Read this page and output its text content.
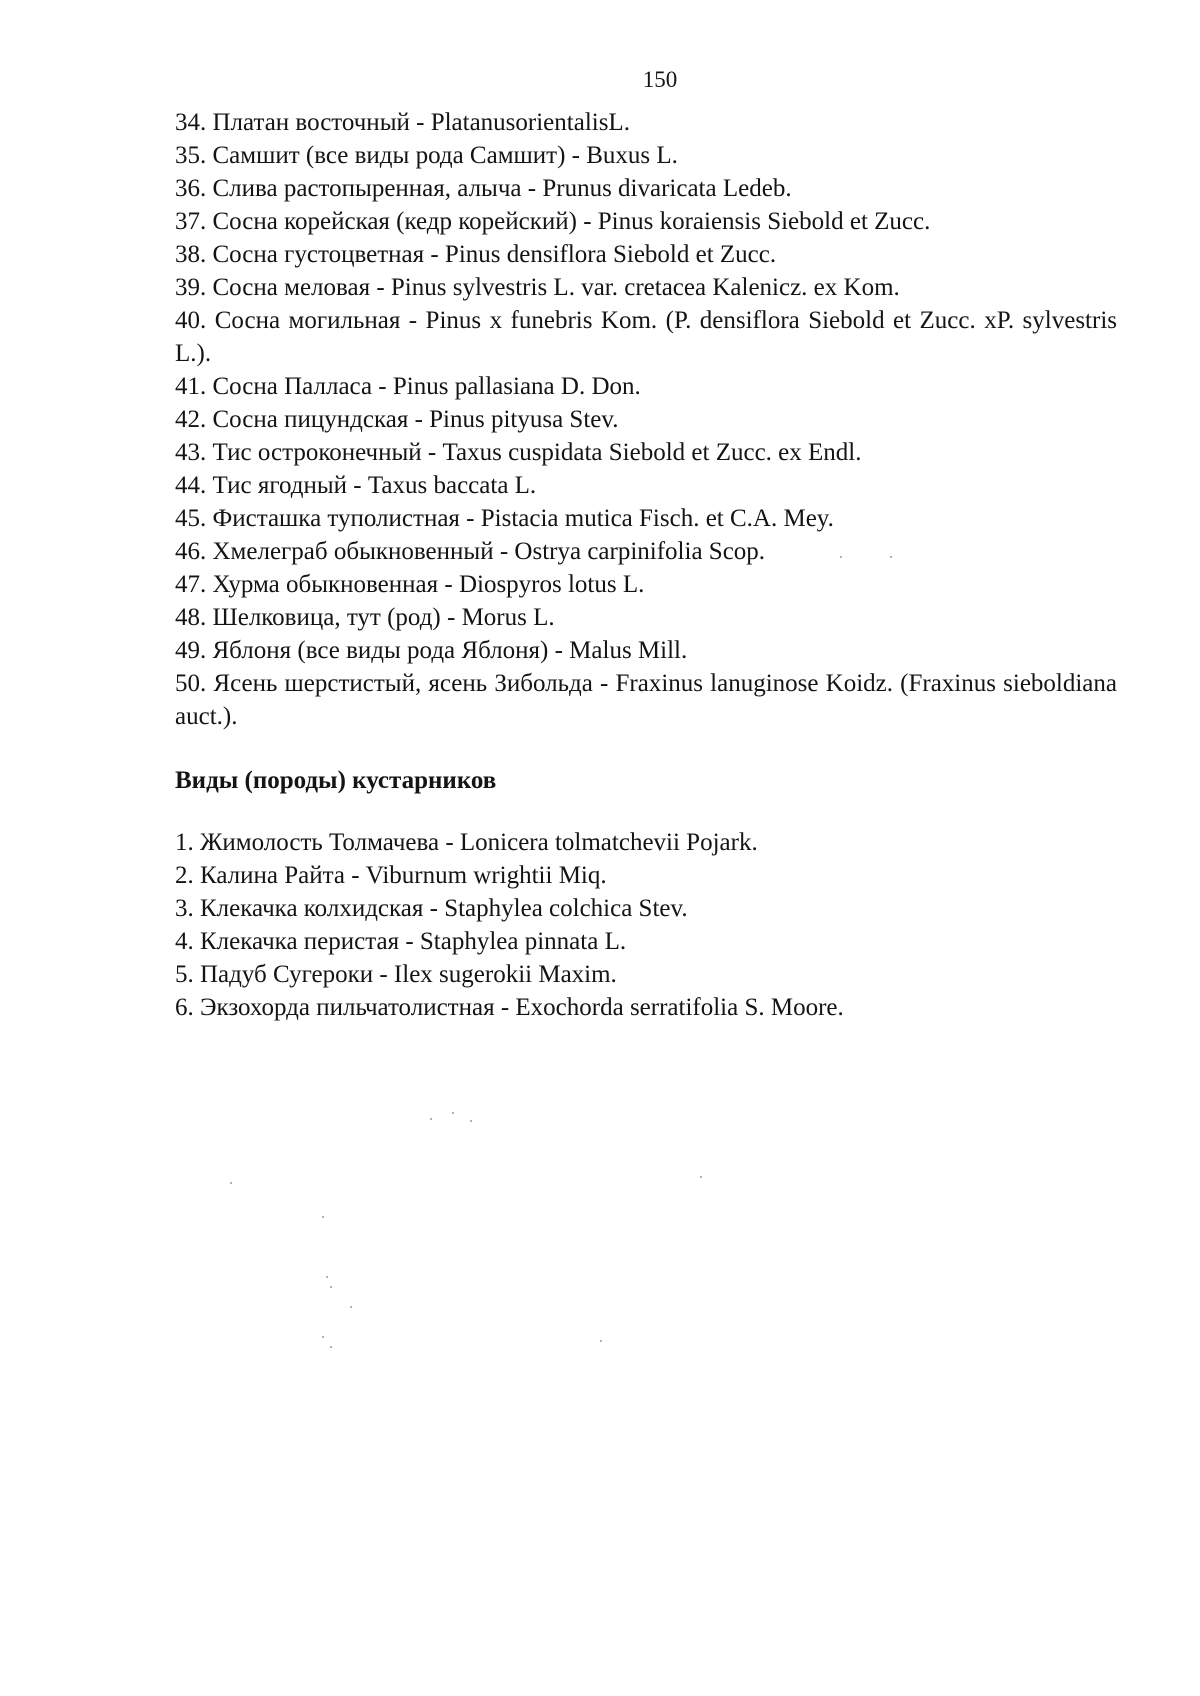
150

34. Платан восточный - PlatanusorientalisL.

35. Самшит (все виды рода Самшит) - Buxus L.

36. Слива растопыренная, алыча - Prunus divaricata Ledeb.

37. Сосна корейская (кедр корейский) - Pinus koraiensis Siebold et Zucc.

38. Сосна густоцветная - Pinus densiflora Siebold et Zucc.

39. Сосна меловая - Pinus sylvestris L. var. cretacea Kalenicz. ex Kom.

40. Сосна могильная - Pinus x funebris Kom. (P. densiflora Siebold et Zucc. xP. sylvestris L.).

41. Сосна Палласа - Pinus pallasiana D. Don.

42. Сосна пицундская - Pinus pityusa Stev.

43. Тис остроконечный - Taxus cuspidata Siebold et Zucc. ex Endl.

44. Тис ягодный - Taxus baccata L.

45. Фисташка туполистная - Pistacia mutica Fisch. et C.A. Mey.

46. Хмелеграб обыкновенный - Ostrya carpinifolia Scop.

47. Хурма обыкновенная - Diospyros lotus L.

48. Шелковица, тут (род) - Morus L.

49. Яблоня (все виды рода Яблоня) - Malus Mill.

50. Ясень шерстистый, ясень Зибольда - Fraxinus lanuginose Koidz. (Fraxinus sieboldiana auct.).

Виды (породы) кустарников

1. Жимолость Толмачева - Lonicera tolmatchevii Pojark.

2. Калина Райта - Viburnum wrightii Miq.

3. Клекачка колхидская - Staphylea colchica Stev.

4. Клекачка перистая - Staphylea pinnata L.

5. Падуб Сугероки - Ilex sugerokii Maxim.

6. Экзохорда пильчатолистная - Exochorda serratifolia S. Moore.
